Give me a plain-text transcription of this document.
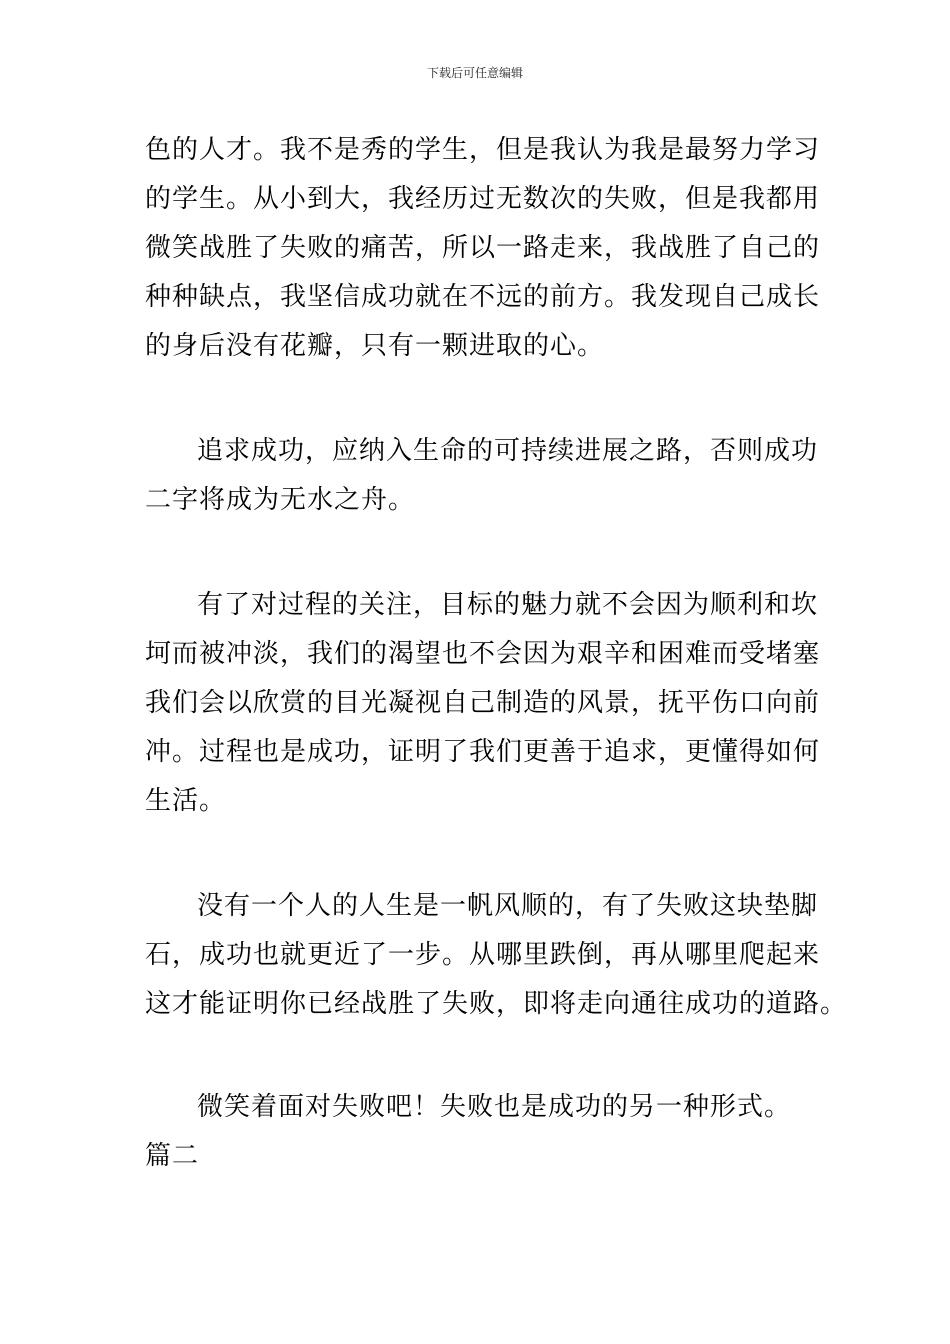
下载后可任意编辑
色的人才。我不是秀的学生，但是我认为我是最努力学习
的学生。从小到大，我经历过无数次的失败，但是我都用
微笑战胜了失败的痛苦，所以一路走来，我战胜了自己的
种种缺点，我坚信成功就在不远的前方。我发现自己成长
的身后没有花瓣，只有一颗进取的心。
追求成功，应纳入生命的可持续进展之路，否则成功
二字将成为无水之舟。
有了对过程的关注，目标的魅力就不会因为顺利和坎
坷而被冲淡，我们的渴望也不会因为艰辛和困难而受堵塞
我们会以欣赏的目光凝视自己制造的风景，抚平伤口向前
冲。过程也是成功，证明了我们更善于追求，更懂得如何
生活。
没有一个人的人生是一帆风顺的，有了失败这块垫脚
石，成功也就更近了一步。从哪里跌倒，再从哪里爬起来
这才能证明你已经战胜了失败，即将走向通往成功的道路。
微笑着面对失败吧！失败也是成功的另一种形式。
篇二
